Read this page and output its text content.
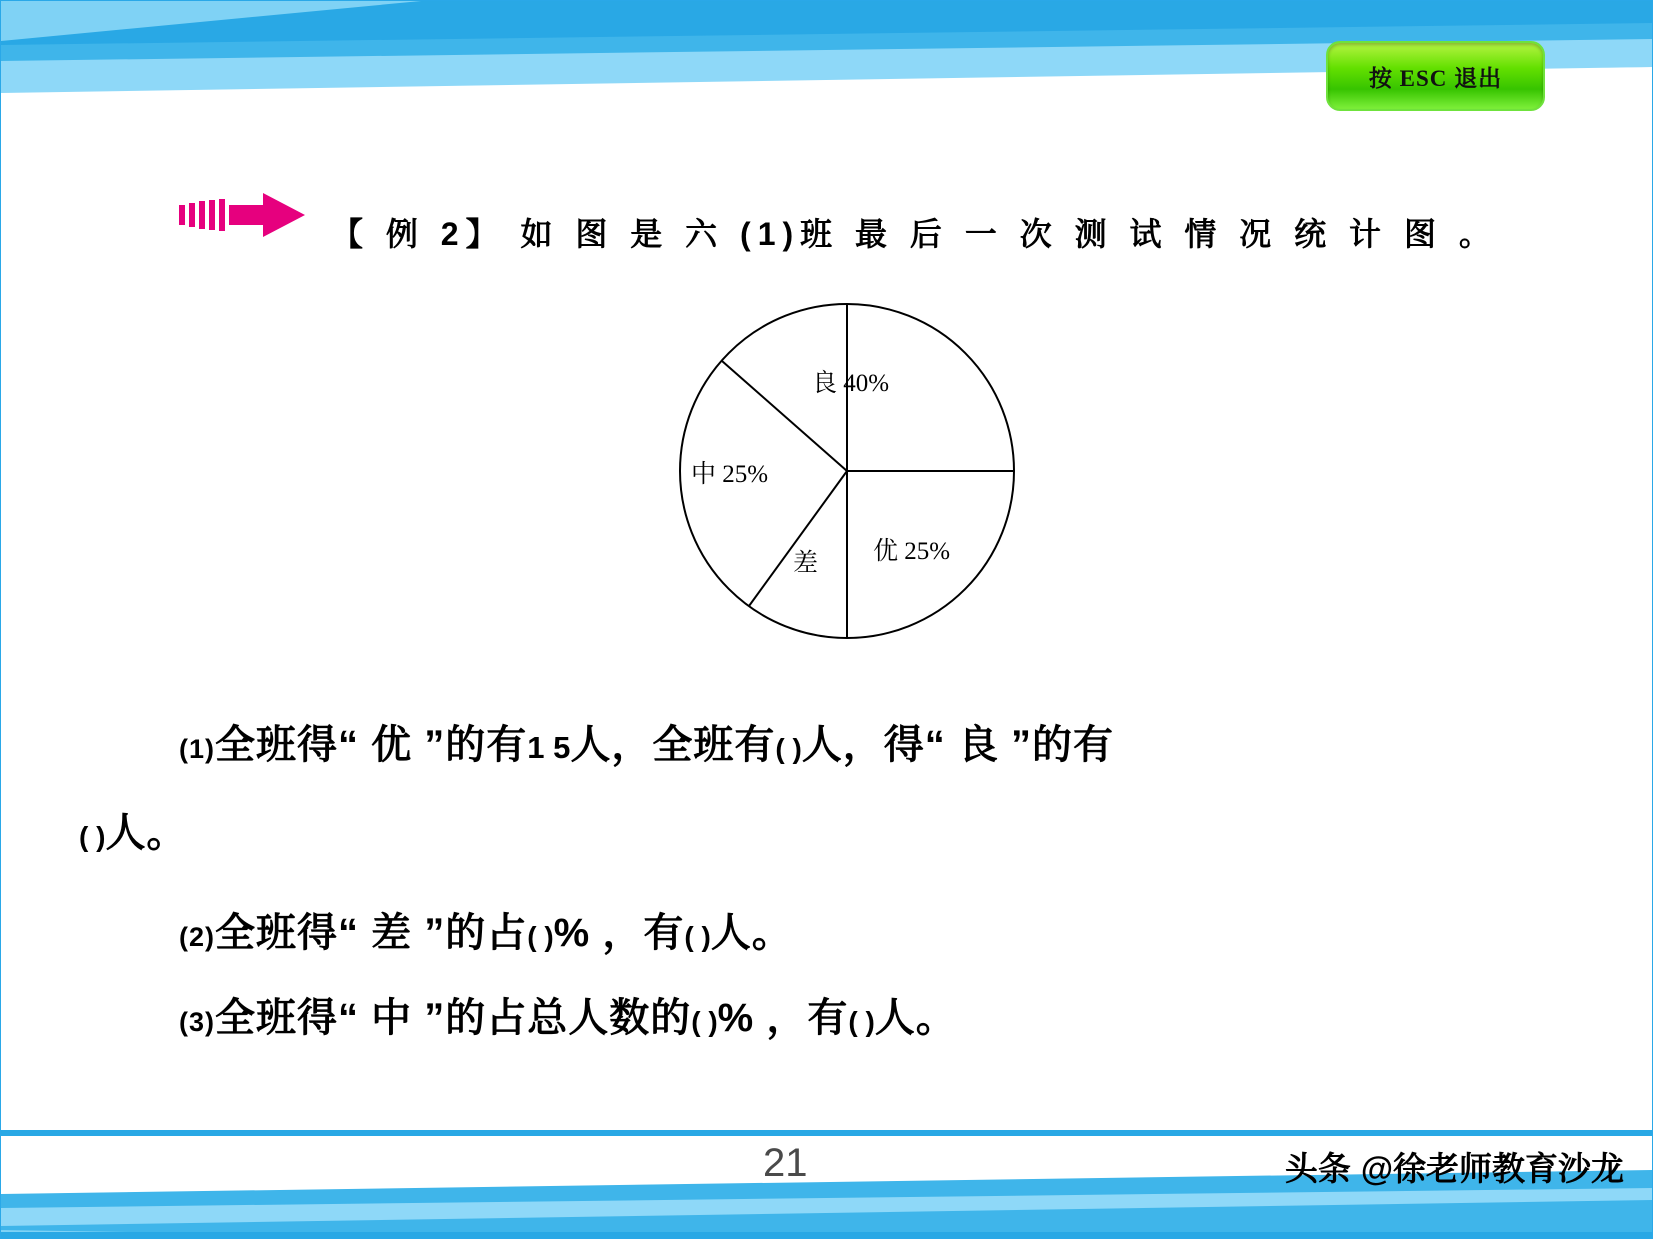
按 ESC 退出
【 例 2】 如 图 是 六 (1)班 最 后 一 次 测 试 情 况 统 计 图 。
良 40%
中 25%
优 25%
差
(1)全班得“ 优 ”的有1 5人，全班有( )人，得“ 良 ”的有
( )人。
(2)全班得“ 差 ”的占( )% ，有( )人。
(3)全班得“ 中 ”的占总人数的( )% ，有( )人。
21	头条 @徐老师教育沙龙
